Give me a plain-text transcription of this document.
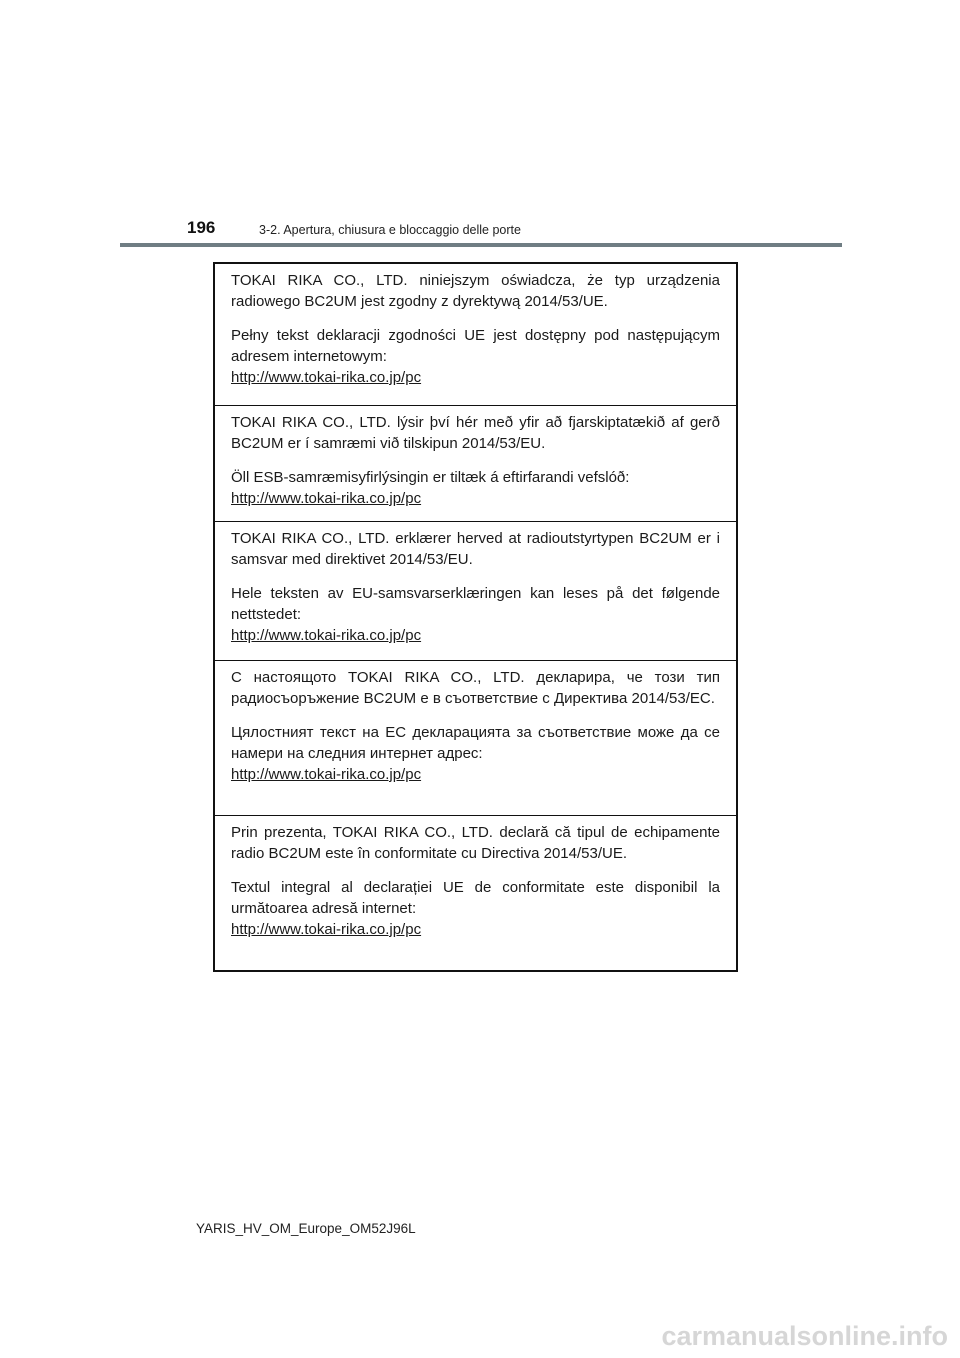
196	3-2. Apertura, chiusura e bloccaggio delle porte

TOKAI RIKA CO., LTD. niniejszym oświadcza, że typ urządzenia radiowego BC2UM jest zgodny z dyrektywą 2014/53/UE.

Pełny tekst deklaracji zgodności UE jest dostępny pod następującym adresem internetowym:

http://www.tokai-rika.co.jp/pc

TOKAI RIKA CO., LTD. lýsir því hér með yfir að fjarskiptatækið af gerð BC2UM er í samræmi við tilskipun 2014/53/EU.

Öll ESB-samræmisyfirlýsingin er tiltæk á eftirfarandi vefslóð:

http://www.tokai-rika.co.jp/pc

TOKAI RIKA CO., LTD. erklærer herved at radioutstyrtypen BC2UM er i samsvar med direktivet 2014/53/EU.

Hele teksten av EU-samsvarserklæringen kan leses på det følgende nettstedet:

http://www.tokai-rika.co.jp/pc

С настоящото TOKAI RIKA CO., LTD. декларира, че този тип радиосъоръжение BC2UM е в съответствие с Директива 2014/53/ЕС.

Цялостният текст на ЕС декларацията за съответствие може да се намери на следния интернет адрес:

http://www.tokai-rika.co.jp/pc

Prin prezenta, TOKAI RIKA CO., LTD. declară că tipul de echipamente radio BC2UM este în conformitate cu Directiva 2014/53/UE.

Textul integral al declarației UE de conformitate este disponibil la următoarea adresă internet:

http://www.tokai-rika.co.jp/pc
YARIS_HV_OM_Europe_OM52J96L
carmanualsonline.info
